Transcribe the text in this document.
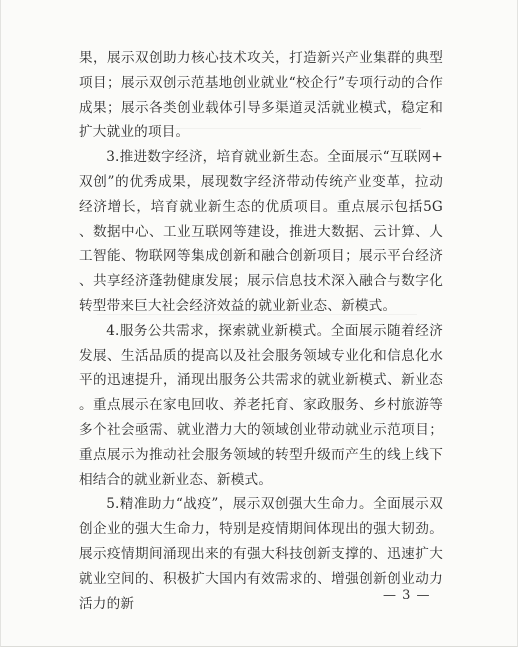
果，展示双创助力核心技术攻关，打造新兴产业集群的典型项目；展示双创示范基地创业就业“校企行”专项行动的合作成果；展示各类创业载体引导多渠道灵活就业模式，稳定和扩大就业的项目。

3.推进数字经济，培育就业新生态。全面展示“互联网+双创”的优秀成果，展现数字经济带动传统产业变革，拉动经济增长，培育就业新生态的优质项目。重点展示包括5G、数据中心、工业互联网等建设，推进大数据、云计算、人工智能、物联网等集成创新和融合创新项目；展示平台经济、共享经济蓬勃健康发展；展示信息技术深入融合与数字化转型带来巨大社会经济效益的就业新业态、新模式。

4.服务公共需求，探索就业新模式。全面展示随着经济发展、生活品质的提高以及社会服务领域专业化和信息化水平的迅速提升，涌现出服务公共需求的就业新模式、新业态。重点展示在家电回收、养老托育、家政服务、乡村旅游等多个社会亟需、就业潜力大的领域创业带动就业示范项目；重点展示为推动社会服务领域的转型升级而产生的线上线下相结合的就业新业态、新模式。

5.精准助力“战疫”，展示双创强大生命力。全面展示双创企业的强大生命力，特别是疫情期间体现出的强大韧劲。展示疫情期间涌现出来的有强大科技创新支撑的、迅速扩大就业空间的、积极扩大国内有效需求的、增强创新创业动力活力的新

— 3 —
